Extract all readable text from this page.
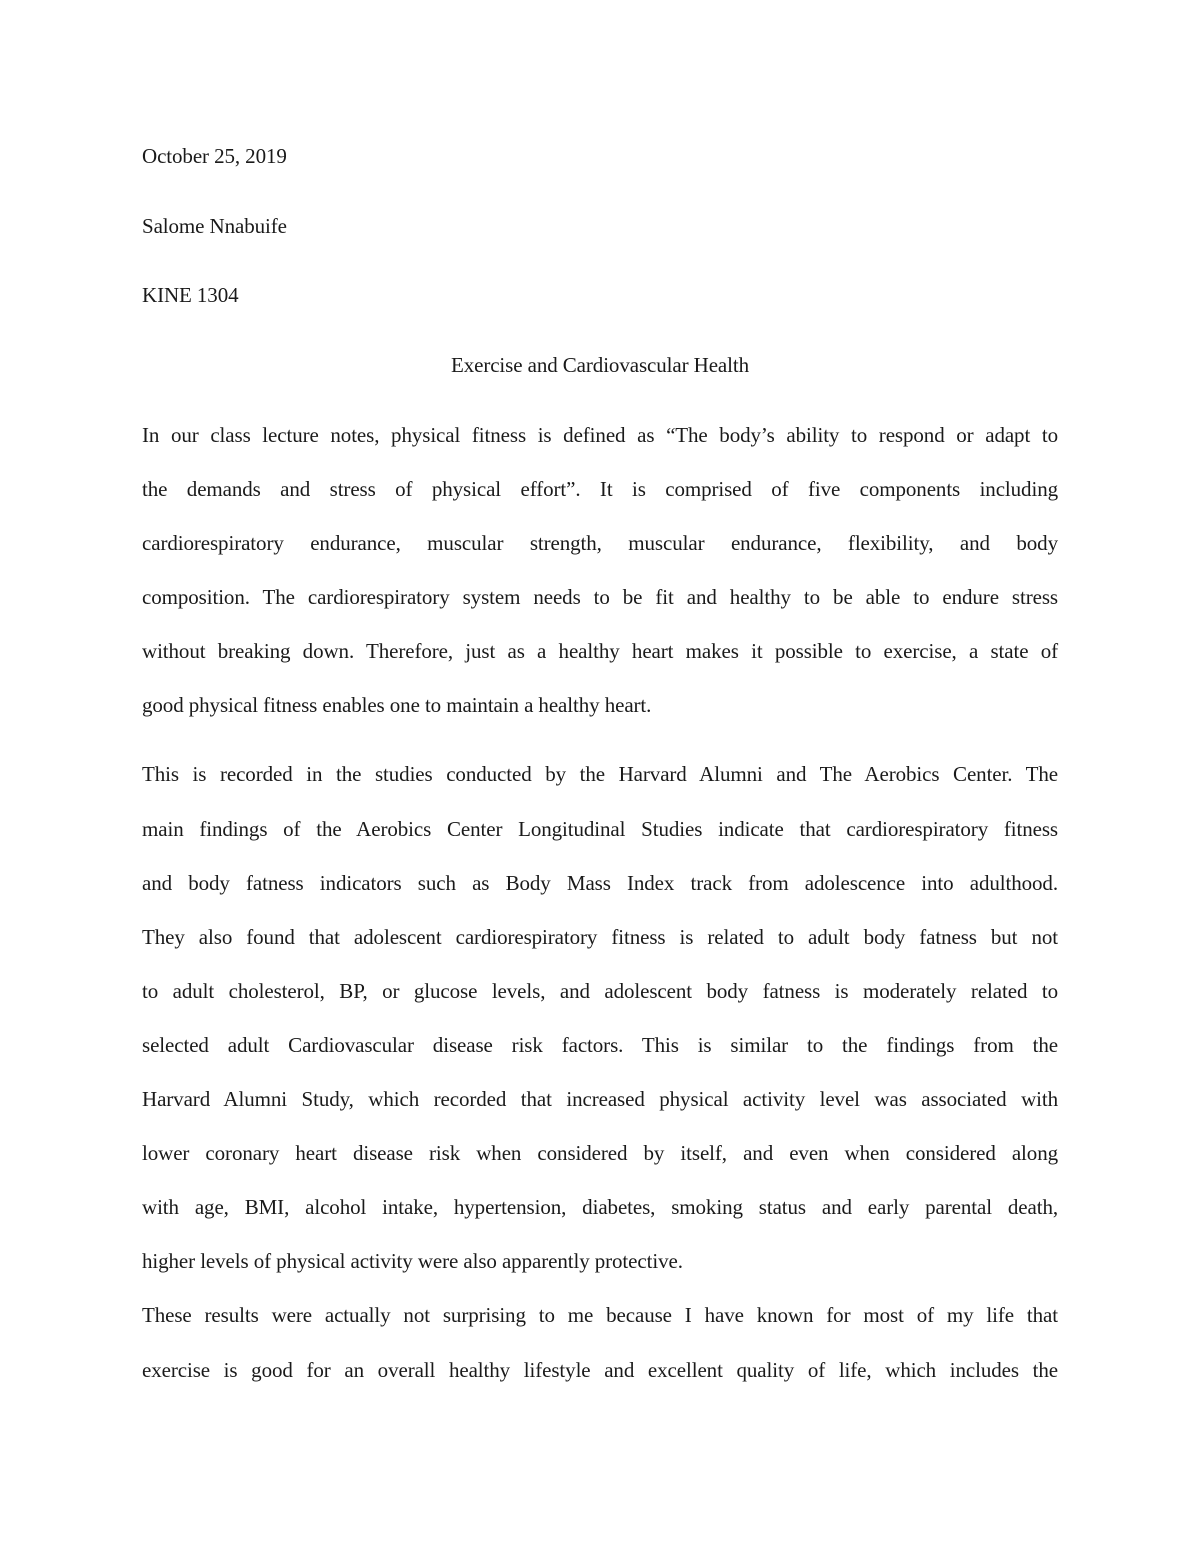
October 25, 2019
Salome Nnabuife
KINE 1304
Exercise and Cardiovascular Health
In our class lecture notes, physical fitness is defined as “The body’s ability to respond or adapt to
the demands and stress of physical effort”. It is comprised of five components including
cardiorespiratory endurance, muscular strength, muscular endurance, flexibility, and body
composition. The cardiorespiratory system needs to be fit and healthy to be able to endure stress
without breaking down. Therefore, just as a healthy heart makes it possible to exercise, a state of
good physical fitness enables one to maintain a healthy heart.
This is recorded in the studies conducted by the Harvard Alumni and The Aerobics Center. The
main findings of the Aerobics Center Longitudinal Studies indicate that cardiorespiratory fitness
and body fatness indicators such as Body Mass Index track from adolescence into adulthood.
They also found that adolescent cardiorespiratory fitness is related to adult body fatness but not
to adult cholesterol, BP, or glucose levels, and adolescent body fatness is moderately related to
selected adult Cardiovascular disease risk factors. This is similar to the findings from the
Harvard Alumni Study, which recorded that increased physical activity level was associated with
lower coronary heart disease risk when considered by itself, and even when considered along
with age, BMI, alcohol intake, hypertension, diabetes, smoking status and early parental death,
higher levels of physical activity were also apparently protective.
These results were actually not surprising to me because I have known for most of my life that
exercise is good for an overall healthy lifestyle and excellent quality of life, which includes the
